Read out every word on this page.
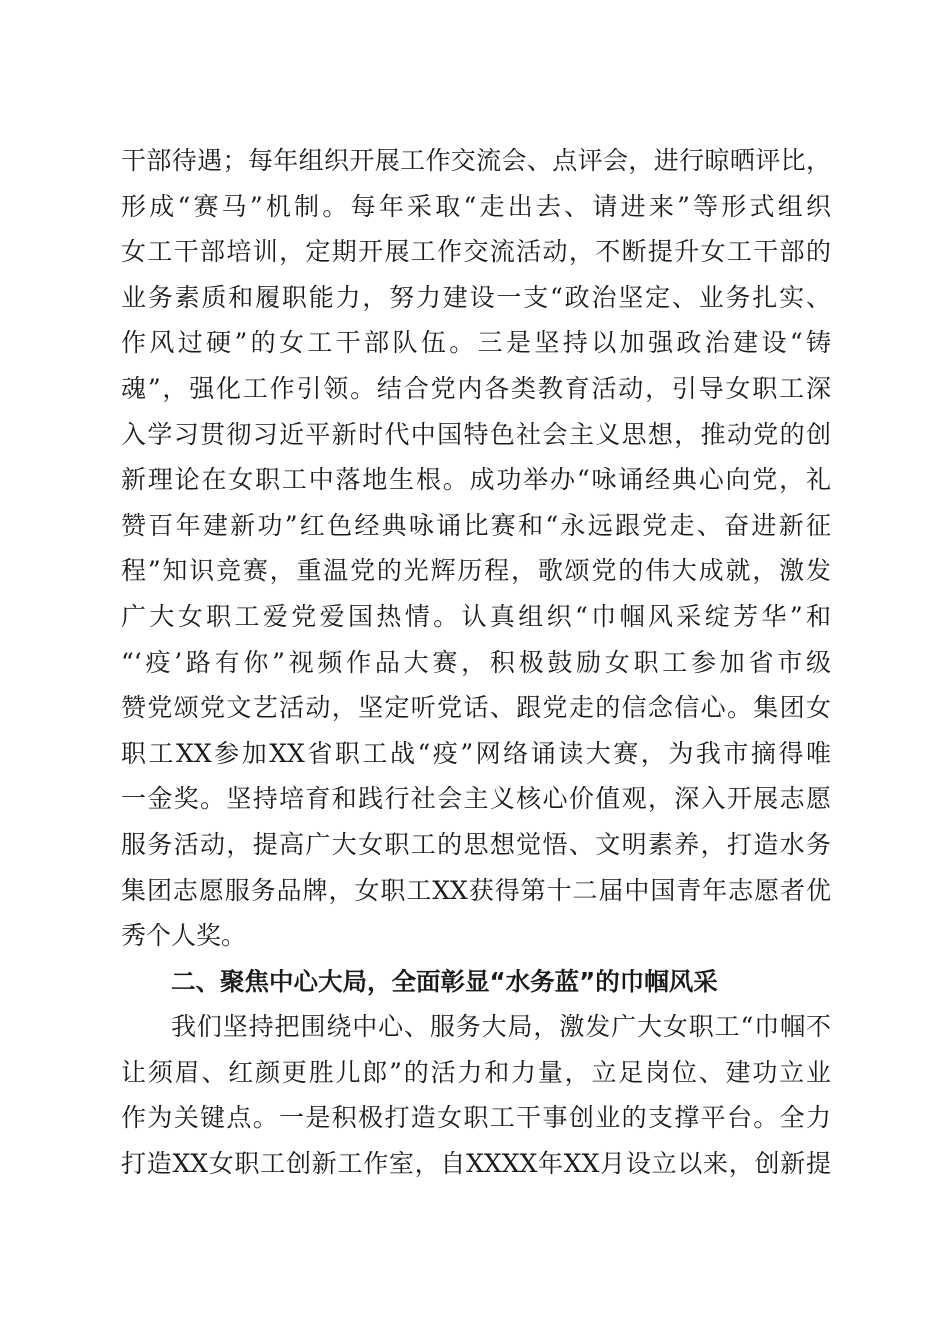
干部待遇；每年组织开展工作交流会、点评会，进行晾晒评比，
形成“赛马”机制。每年采取“走出去、请进来”等形式组织
女工干部培训，定期开展工作交流活动，不断提升女工干部的
业务素质和履职能力，努力建设一支“政治坚定、业务扎实、
作风过硬”的女工干部队伍。三是坚持以加强政治建设“铸
魂”，强化工作引领。结合党内各类教育活动，引导女职工深
入学习贯彻习近平新时代中国特色社会主义思想，推动党的创
新理论在女职工中落地生根。成功举办“咏诵经典心向党，礼
赞百年建新功”红色经典咏诵比赛和“永远跟党走、奋进新征
程”知识竞赛，重温党的光辉历程，歌颂党的伟大成就，激发
广大女职工爱党爱国热情。认真组织“巾帼风采绽芳华”和
“‘疫’路有你”视频作品大赛，积极鼓励女职工参加省市级
赞党颂党文艺活动，坚定听党话、跟党走的信念信心。集团女
职工XX参加XX省职工战“疫”网络诵读大赛，为我市摘得唯
一金奖。坚持培育和践行社会主义核心价值观，深入开展志愿
服务活动，提高广大女职工的思想觉悟、文明素养，打造水务
集团志愿服务品牌，女职工XX获得第十二届中国青年志愿者优
秀个人奖。
二、聚焦中心大局，全面彰显“水务蓝”的巾帼风采
我们坚持把围绕中心、服务大局，激发广大女职工“巾帼不
让须眉、红颜更胜儿郎”的活力和力量，立足岗位、建功立业
作为关键点。一是积极打造女职工干事创业的支撑平台。全力
打造XX女职工创新工作室，自XXXX年XX月设立以来，创新提
